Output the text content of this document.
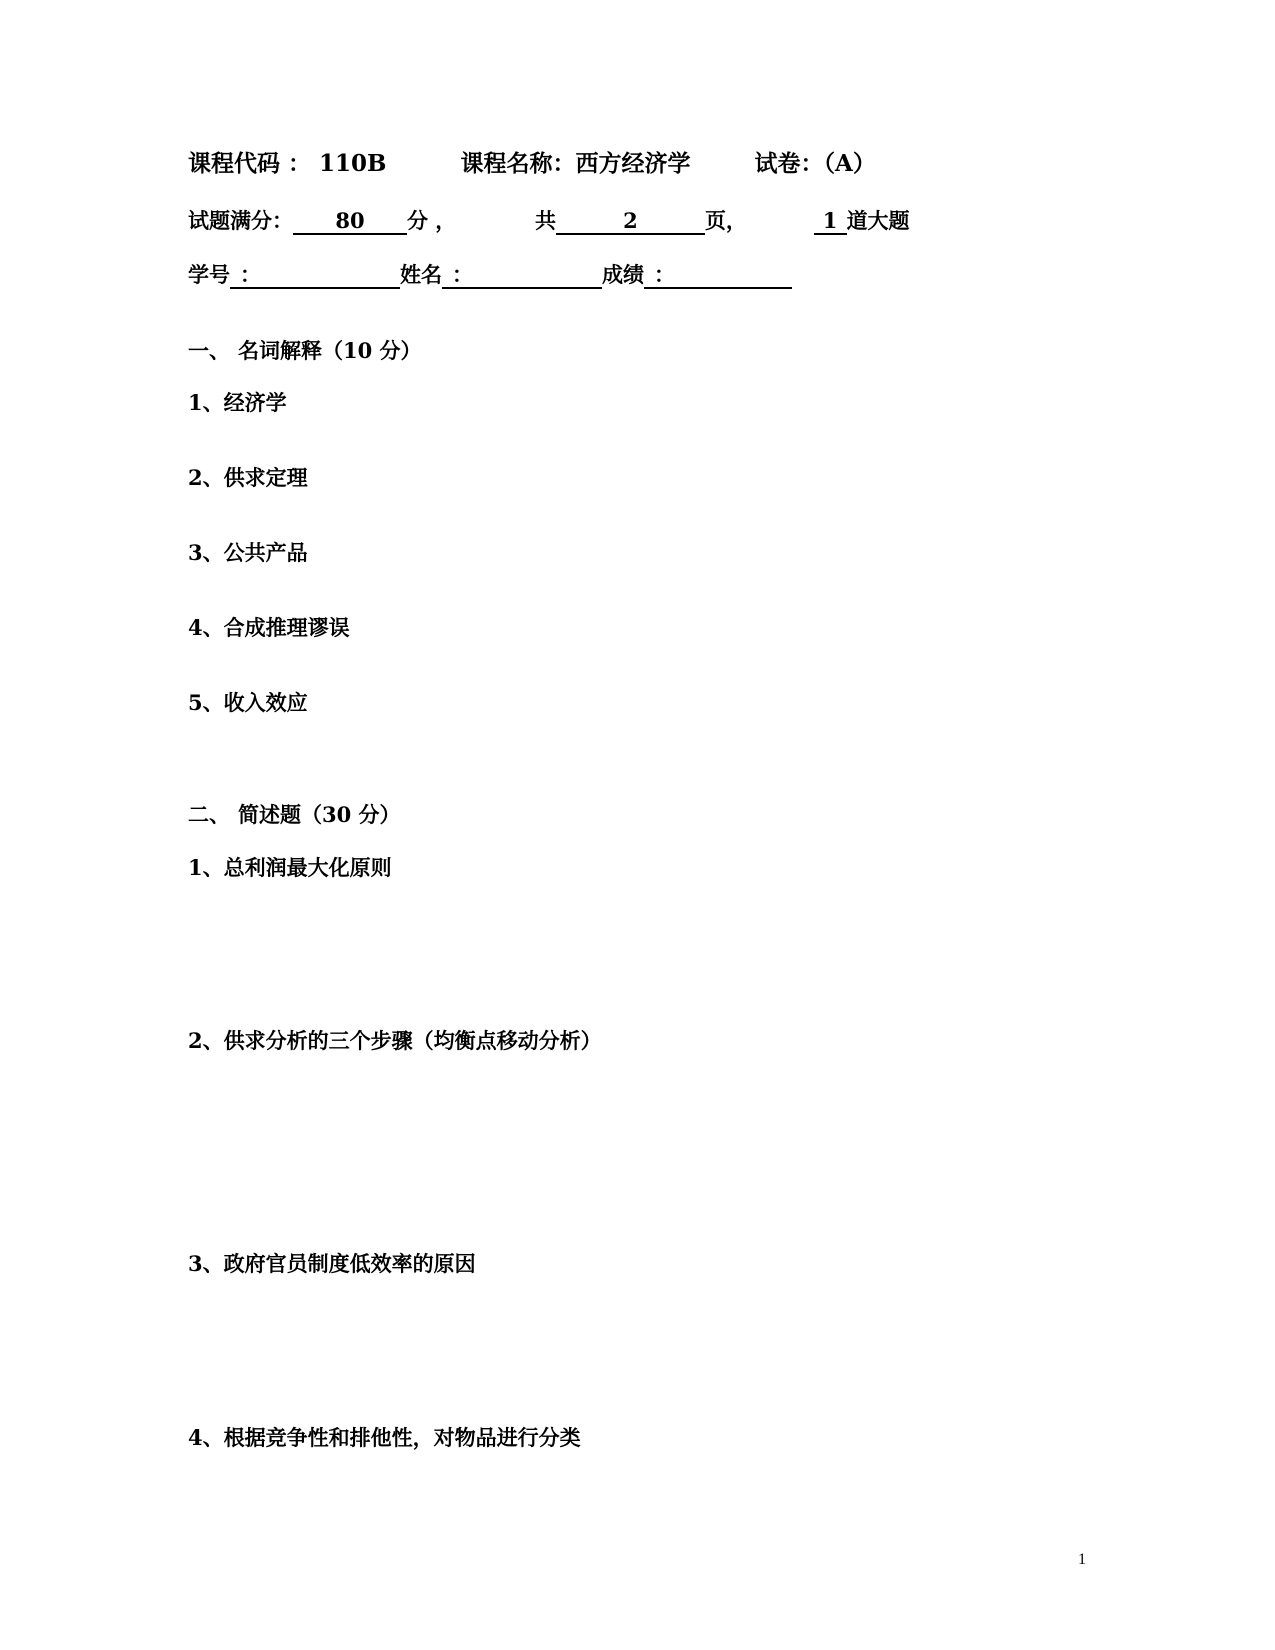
课程代码 ： 110B	课程名称：西方经济学	试卷：（A）
试题满分： 80 分 ，	共	2	页，	1 道大题
学号 ：	姓名 ：	成绩 ：
一、 名词解释（10 分）
1、经济学
2、供求定理
3、公共产品
4、合成推理谬误
5、收入效应
二、 简述题（30 分）
1、总利润最大化原则
2、供求分析的三个步骤（均衡点移动分析）
3、政府官员制度低效率的原因
4、根据竞争性和排他性，对物品进行分类
1
